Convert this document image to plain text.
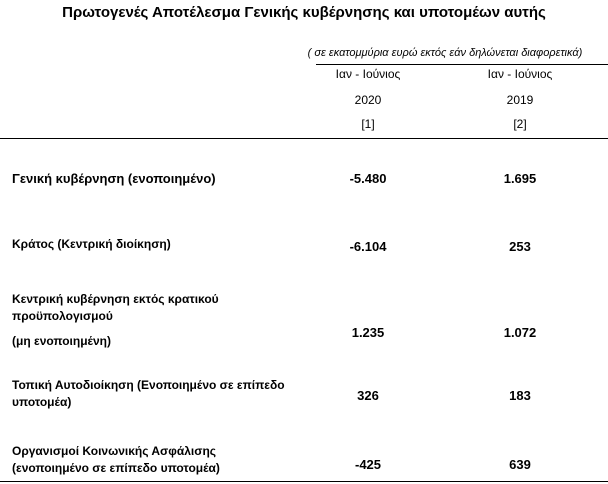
Πρωτογενές Αποτέλεσμα Γενικής κυβέρνησης και υποτομέων αυτής
( σε εκατομμύρια ευρώ εκτός εάν δηλώνεται διαφορετικά)
Ιαν - Ιούνιος	Ιαν - Ιούνιος
2020	2019
[1]	[2]
Γενική κυβέρνηση (ενοποιημένο)	-5.480	1.695
Κράτος (Κεντρική διοίκηση)	-6.104	253
Κεντρική κυβέρνηση εκτός κρατικού
προϋπολογισμού
(μη ενοποιημένη)
1.235	1.072
Τοπική Αυτοδιοίκηση (Ενοποιημένο σε επίπεδο
υποτομέα)	326	183
Οργανισμοί Κοινωνικής Ασφάλισης
(ενοποιημένο σε επίπεδο υποτομέα)	-425	639
